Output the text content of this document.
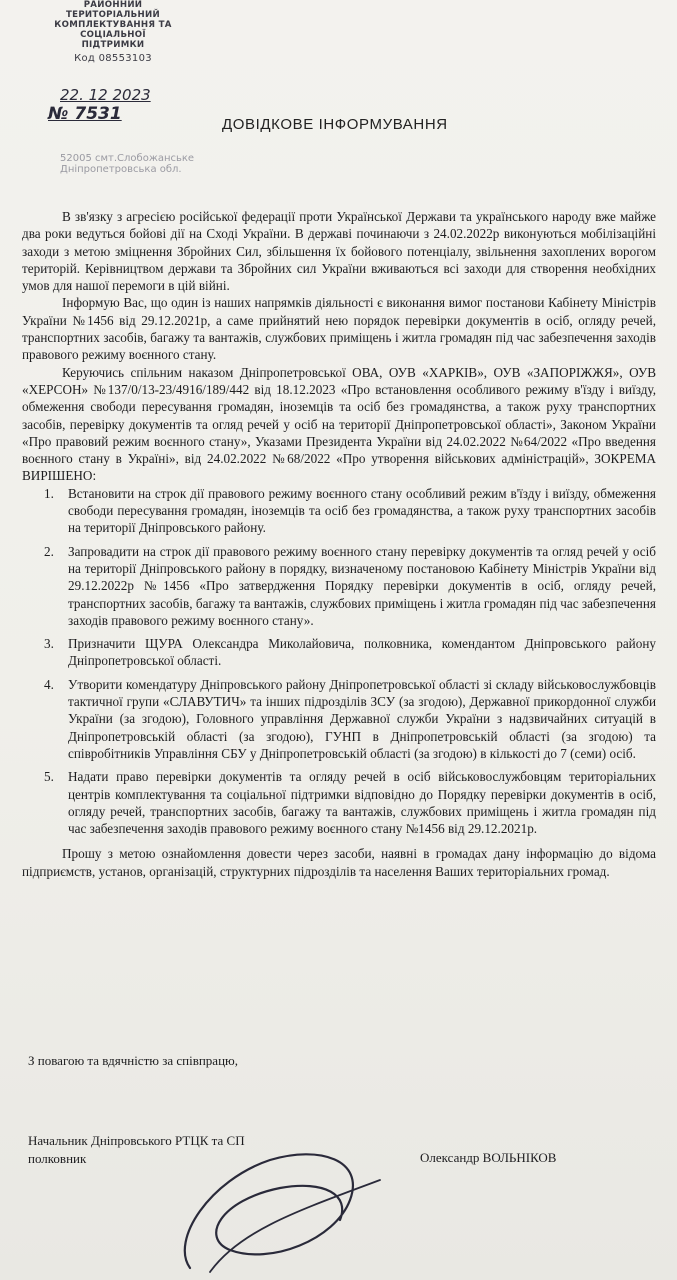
РАЙОННИЙ ТЕРИТОРІАЛЬНИЙ
КОМПЛЕКТУВАННЯ ТА СОЦІАЛЬНОЇ
ПІДТРИМКИ
Код 08553103
22. 12 2023
№ 7531
52005 смт.Слобожанське
Дніпропетровська обл.
ДОВІДКОВЕ ІНФОРМУВАННЯ

В зв'язку з агресією російської федерації проти Української Держави та українського народу вже майже два роки ведуться бойові дії на Сході України. В державі починаючи з 24.02.2022р виконуються мобілізаційні заходи з метою зміцнення Збройних Сил, збільшення їх бойового потенціалу, звільнення захоплених ворогом територій. Керівництвом держави та Збройних сил України вживаються всі заходи для створення необхідних умов для нашої перемоги в цій війні.

Інформую Вас, що один із наших напрямків діяльності є виконання вимог постанови Кабінету Міністрів України №1456 від 29.12.2021р, а саме прийнятий нею порядок перевірки документів в осіб, огляду речей, транспортних засобів, багажу та вантажів, службових приміщень і житла громадян під час забезпечення заходів правового режиму воєнного стану.

Керуючись спільним наказом Дніпропетровської ОВА, ОУВ «ХАРКІВ», ОУВ «ЗАПОРІЖЖЯ», ОУВ «ХЕРСОН» №137/0/13-23/4916/189/442 від 18.12.2023 «Про встановлення особливого режиму в'їзду і виїзду, обмеження свободи пересування громадян, іноземців та осіб без громадянства, а також руху транспортних засобів, перевірку документів та огляд речей у осіб на території Дніпропетровської області», Законом України «Про правовий режим воєнного стану», Указами Президента України від 24.02.2022 №64/2022 «Про введення воєнного стану в Україні», від 24.02.2022 №68/2022 «Про утворення військових адміністрацій», ЗОКРЕМА ВИРІШЕНО:

1. Встановити на строк дії правового режиму воєнного стану особливий режим в'їзду і виїзду, обмеження свободи пересування громадян, іноземців та осіб без громадянства, а також руху транспортних засобів на території Дніпровського району.
2. Запровадити на строк дії правового режиму воєнного стану перевірку документів та огляд речей у осіб на території Дніпровського району в порядку, визначеному постановою Кабінету Міністрів України від 29.12.2022р №1456 «Про затвердження Порядку перевірки документів в осіб, огляду речей, транспортних засобів, багажу та вантажів, службових приміщень і житла громадян під час забезпечення заходів правового режиму воєнного стану».
3. Призначити ЩУРА Олександра Миколайовича, полковника, комендантом Дніпровського району Дніпропетровської області.
4. Утворити комендатуру Дніпровського району Дніпропетровської області зі складу військовослужбовців тактичної групи «СЛАВУТИЧ» та інших підрозділів ЗСУ (за згодою), Державної прикордонної служби України (за згодою), Головного управління Державної служби України з надзвичайних ситуацій в Дніпропетровській області (за згодою), ГУНП в Дніпропетровській області (за згодою) та співробітників Управління СБУ у Дніпропетровській області (за згодою) в кількості до 7 (семи) осіб.
5. Надати право перевірки документів та огляду речей в осіб військовослужбовцям територіальних центрів комплектування та соціальної підтримки відповідно до Порядку перевірки документів в осіб, огляду речей, транспортних засобів, багажу та вантажів, службових приміщень і житла громадян під час забезпечення заходів правового режиму воєнного стану №1456 від 29.12.2021р.

Прошу з метою ознайомлення довести через засоби, наявні в громадах дану інформацію до відома підприємств, установ, організацій, структурних підрозділів та населення Ваших територіальних громад.

З повагою та вдячністю за співпрацю,
Начальник Дніпровського РТЦК та СП
полковник	Олександр ВОЛЬНІКОВ
